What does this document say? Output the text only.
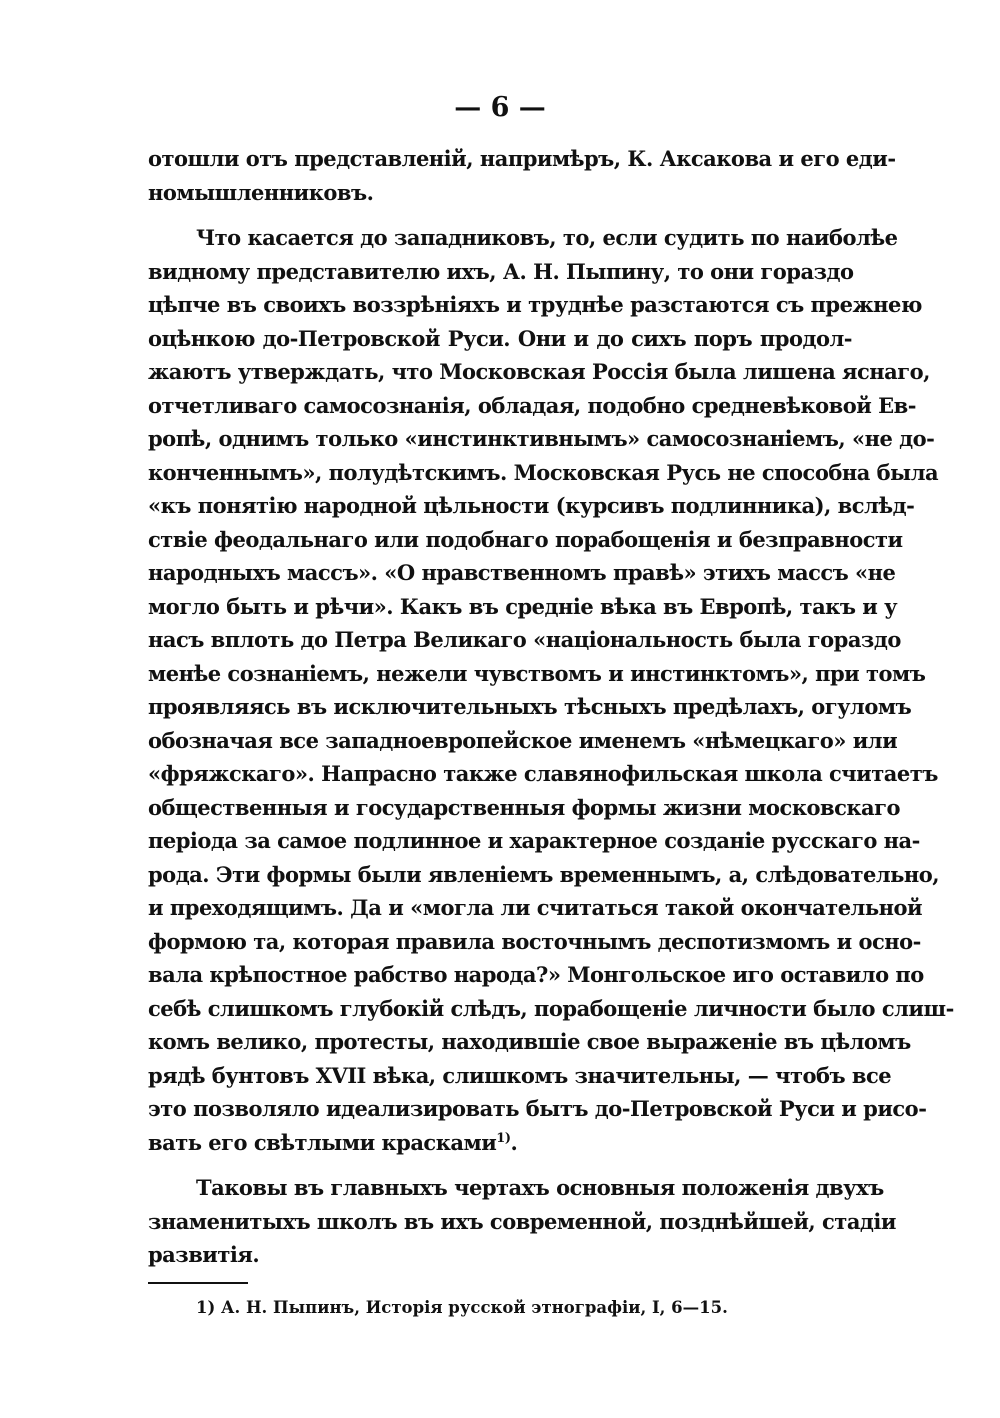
— 6 —
отошли отъ представленій, напримѣръ, К. Аксакова и его еди-
номышленниковъ.
Что касается до западниковъ, то, если судить по наиболѣе
видному представителю ихъ, А. Н. Пыпину, то они гораздо
цѣпче въ своихъ воззрѣніяхъ и труднѣе разстаются съ прежнею
оцѣнкою до-Петровской Руси. Они и до сихъ поръ продол-
жаютъ утверждать, что Московская Россія была лишена яснаго,
отчетливаго самосознанія, обладая, подобно средневѣковой Ев-
ропѣ, однимъ только «инстинктивнымъ» самосознаніемъ, «не до-
конченнымъ», полудѣтскимъ. Московская Русь не способна была
«къ понятію народной цѣльности (курсивъ подлинника), вслѣд-
ствіе феодальнаго или подобнаго порабощенія и безправности
народныхъ массъ». «О нравственномъ правѣ» этихъ массъ «не
могло быть и рѣчи». Какъ въ средніе вѣка въ Европѣ, такъ и у
насъ вплоть до Петра Великаго «національность была гораздо
менѣе сознаніемъ, нежели чувствомъ и инстинктомъ», при томъ
проявляясь въ исключительныхъ тѣсныхъ предѣлахъ, огуломъ
обозначая все западноевропейское именемъ «нѣмецкаго» или
«фряжскаго». Напрасно также славянофильская школа считаетъ
общественныя и государственныя формы жизни московскаго
періода за самое подлинное и характерное созданіе русскаго на-
рода. Эти формы были явленіемъ временнымъ, а, слѣдовательно,
и преходящимъ. Да и «могла ли считаться такой окончательной
формою та, которая правила восточнымъ деспотизмомъ и осно-
вала крѣпостное рабство народа?» Монгольское иго оставило по
себѣ слишкомъ глубокій слѣдъ, порабощеніе личности было слиш-
комъ велико, протесты, находившіе свое выраженіе въ цѣломъ
рядѣ бунтовъ XVII вѣка, слишкомъ значительны, — чтобъ все
это позволяло идеализировать бытъ до-Петровской Руси и рисо-
вать его свѣтлыми красками$^{1)}$.
Таковы въ главныхъ чертахъ основныя положенія двухъ
знаменитыхъ школъ въ ихъ современной, позднѣйшей, стадіи
развитія.
1) А. Н. Пыпинъ, Исторія русской этнографіи, I, 6—15.
